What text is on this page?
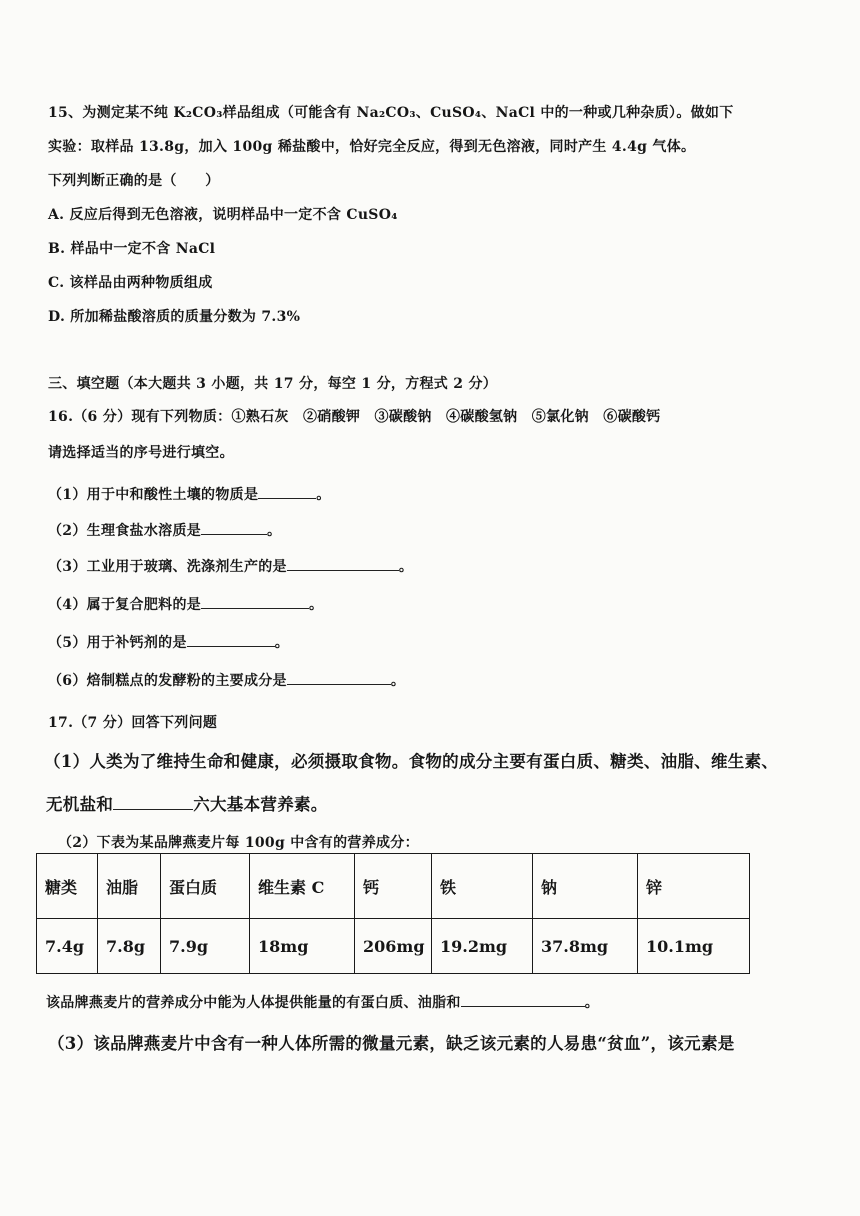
15、为测定某不纯 K₂CO₃样品组成（可能含有 Na₂CO₃、CuSO₄、NaCl 中的一种或几种杂质）。做如下
实验：取样品 13.8g，加入 100g 稀盐酸中，恰好完全反应，得到无色溶液，同时产生 4.4g 气体。
下列判断正确的是（　　）
A. 反应后得到无色溶液，说明样品中一定不含 CuSO₄
B. 样品中一定不含 NaCl
C. 该样品由两种物质组成
D. 所加稀盐酸溶质的质量分数为 7.3%
三、填空题（本大题共 3 小题，共 17 分，每空 1 分，方程式 2 分）
16.（6 分）现有下列物质：①熟石灰　②硝酸钾　③碳酸钠　④碳酸氢钠　⑤氯化钠　⑥碳酸钙
请选择适当的序号进行填空。
（1）用于中和酸性土壤的物质是	。
（2）生理食盐水溶质是	。
（3）工业用于玻璃、洗涤剂生产的是	。
（4）属于复合肥料的是	。
（5）用于补钙剂的是	。
（6）焙制糕点的发酵粉的主要成分是	。
17.（7 分）回答下列问题
（1）人类为了维持生命和健康，必须摄取食物。食物的成分主要有蛋白质、糖类、油脂、维生素、
无机盐和	六大基本营养素。
（2）下表为某品牌燕麦片每 100g 中含有的营养成分：
糖类	油脂	蛋白质	维生素 C	钙	铁	钠	锌
7.4g	7.8g	7.9g	18mg	206mg	19.2mg	37.8mg	10.1mg
该品牌燕麦片的营养成分中能为人体提供能量的有蛋白质、油脂和	。
（3）该品牌燕麦片中含有一种人体所需的微量元素，缺乏该元素的人易患“贫血”，该元素是
